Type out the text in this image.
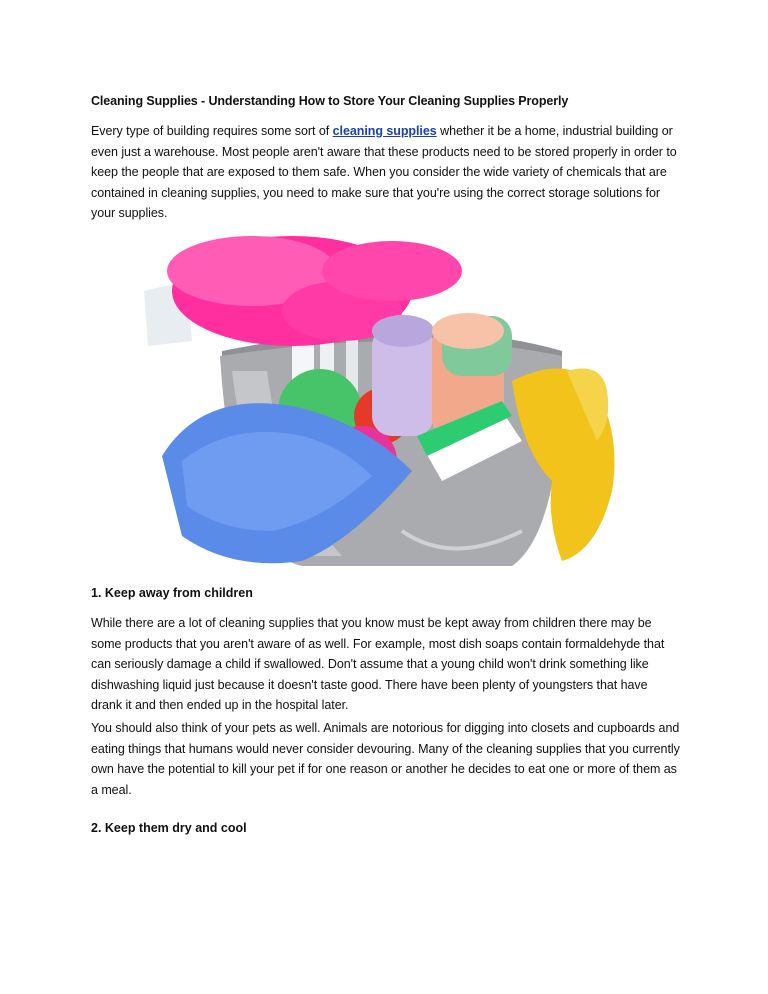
Cleaning Supplies - Understanding How to Store Your Cleaning Supplies Properly
Every type of building requires some sort of cleaning supplies whether it be a home, industrial building or even just a warehouse. Most people aren't aware that these products need to be stored properly in order to keep the people that are exposed to them safe. When you consider the wide variety of chemicals that are contained in cleaning supplies, you need to make sure that you're using the correct storage solutions for your supplies.
1. Keep away from children
While there are a lot of cleaning supplies that you know must be kept away from children there may be some products that you aren't aware of as well. For example, most dish soaps contain formaldehyde that can seriously damage a child if swallowed. Don't assume that a young child won't drink something like dishwashing liquid just because it doesn't taste good. There have been plenty of youngsters that have drank it and then ended up in the hospital later.
You should also think of your pets as well. Animals are notorious for digging into closets and cupboards and eating things that humans would never consider devouring. Many of the cleaning supplies that you currently own have the potential to kill your pet if for one reason or another he decides to eat one or more of them as a meal.
2. Keep them dry and cool
